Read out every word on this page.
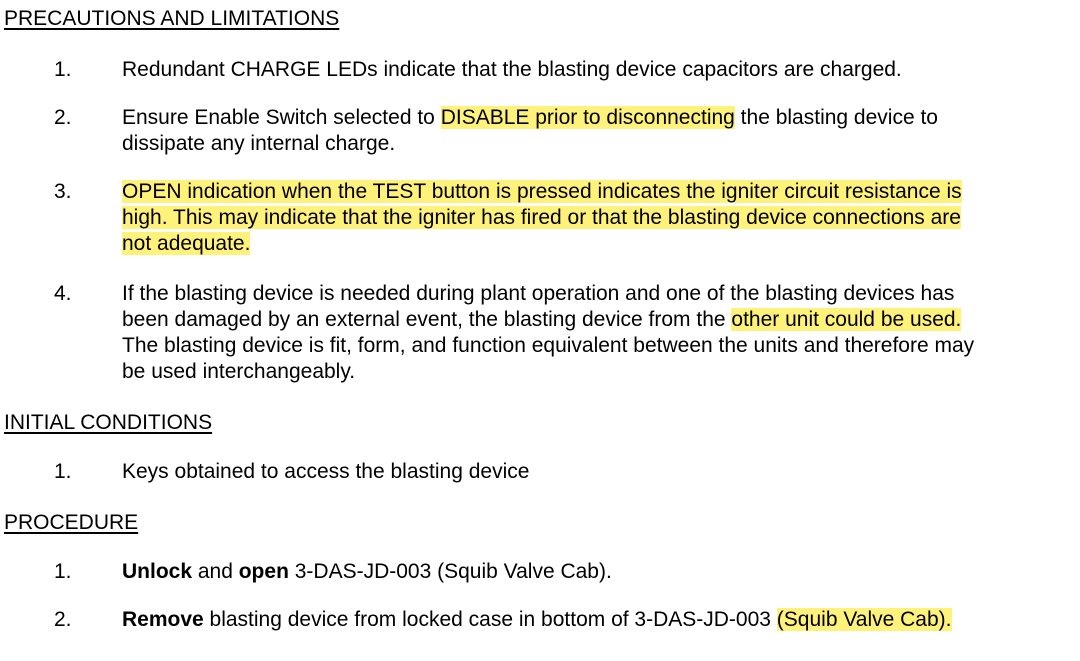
PRECAUTIONS AND LIMITATIONS
1. Redundant CHARGE LEDs indicate that the blasting device capacitors are charged.
2. Ensure Enable Switch selected to DISABLE prior to disconnecting the blasting device to
dissipate any internal charge.
3. OPEN indication when the TEST button is pressed indicates the igniter circuit resistance is
high. This may indicate that the igniter has fired or that the blasting device connections are
not adequate.
4. If the blasting device is needed during plant operation and one of the blasting devices has
been damaged by an external event, the blasting device from the other unit could be used.
The blasting device is fit, form, and function equivalent between the units and therefore may
be used interchangeably.
INITIAL CONDITIONS
1. Keys obtained to access the blasting device
PROCEDURE
1. Unlock and open 3-DAS-JD-003 (Squib Valve Cab).
2. Remove blasting device from locked case in bottom of 3-DAS-JD-003 (Squib Valve Cab).
